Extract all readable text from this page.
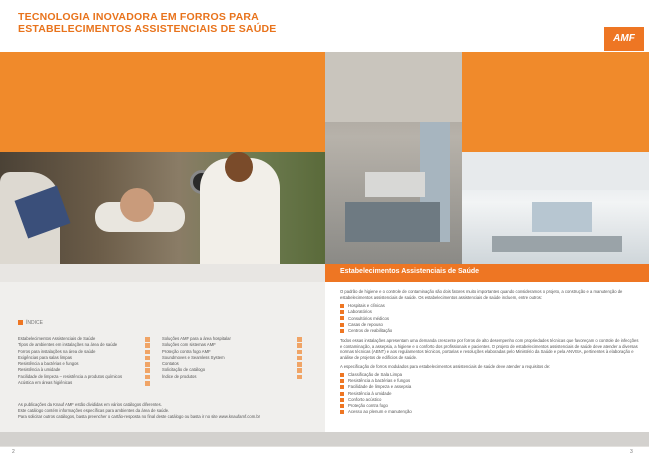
TECNOLOGIA INOVADORA EM FORROS PARA
ESTABELECIMENTOS ASSISTENCIAIS DE SAÚDE
AMF
Estabelecimentos Assistenciais de Saúde
ÍNDICE
Estabelecimentos Assistenciais de Saúde
Tipos de ambientes em instalações na área de saúde
Forros para instalações na área de saúde
Exigências para salas limpas
Resistência a bactérias e fungos
Resistência à umidade
Facilidade de limpeza – resistência a produtos químicos
Acústica em áreas higiênicas
Soluções AMF para a área hospitalar
Soluções com sistemas AMF
Proteção contra fogo AMF
Soundmoves e Seamless System
Contatos
Solicitação de catálogo
Índice de produtos
As publicações da Knauf AMF estão divididas em vários catálogos diferentes.
Este catálogo contém informações específicas para ambientes da área de saúde.
Para solicitar outros catálogos, basta preencher o cartão-resposta no final deste catálogo ou basta ir no site www.knaufamf.com.br

O padrão de higiene e o controle de contaminação são dois fatores muito importantes quando consideramos o projeto, a construção e a manutenção de estabelecimentos assistenciais de saúde. Os estabelecimentos assistenciais de saúde incluem, entre outros:

Hospitais e clínicas
Laboratórios
Consultórios médicos
Casas de repouso
Centros de reabilitação

Todos essas instalações apresentam uma demanda crescente por forros de alto desempenho com propriedades técnicas que favoreçam o controle de infecções e contaminação, a assepsia, a higiene e o conforto dos profissionais e pacientes. O projeto de estabelecimentos assistenciais de saúde deve atender a diversas normas técnicas (ABNT) e aos regulamentos técnicos, portarias e resoluções elaboradas pelo Ministério da Saúde e pela ANVISA, pertinentes à elaboração e análise de projetos de edifícios de saúde.

A especificação de forros modulados para estabelecimentos assistenciais de saúde deve atender a requisitos de:

Classificação de Sala Limpa
Resistência a bactérias e fungos
Facilidade de limpeza e assepsia
Resistência à umidade
Conforto acústico
Proteção contra fogo
Acesso ao plenum e manutenção
2	3
